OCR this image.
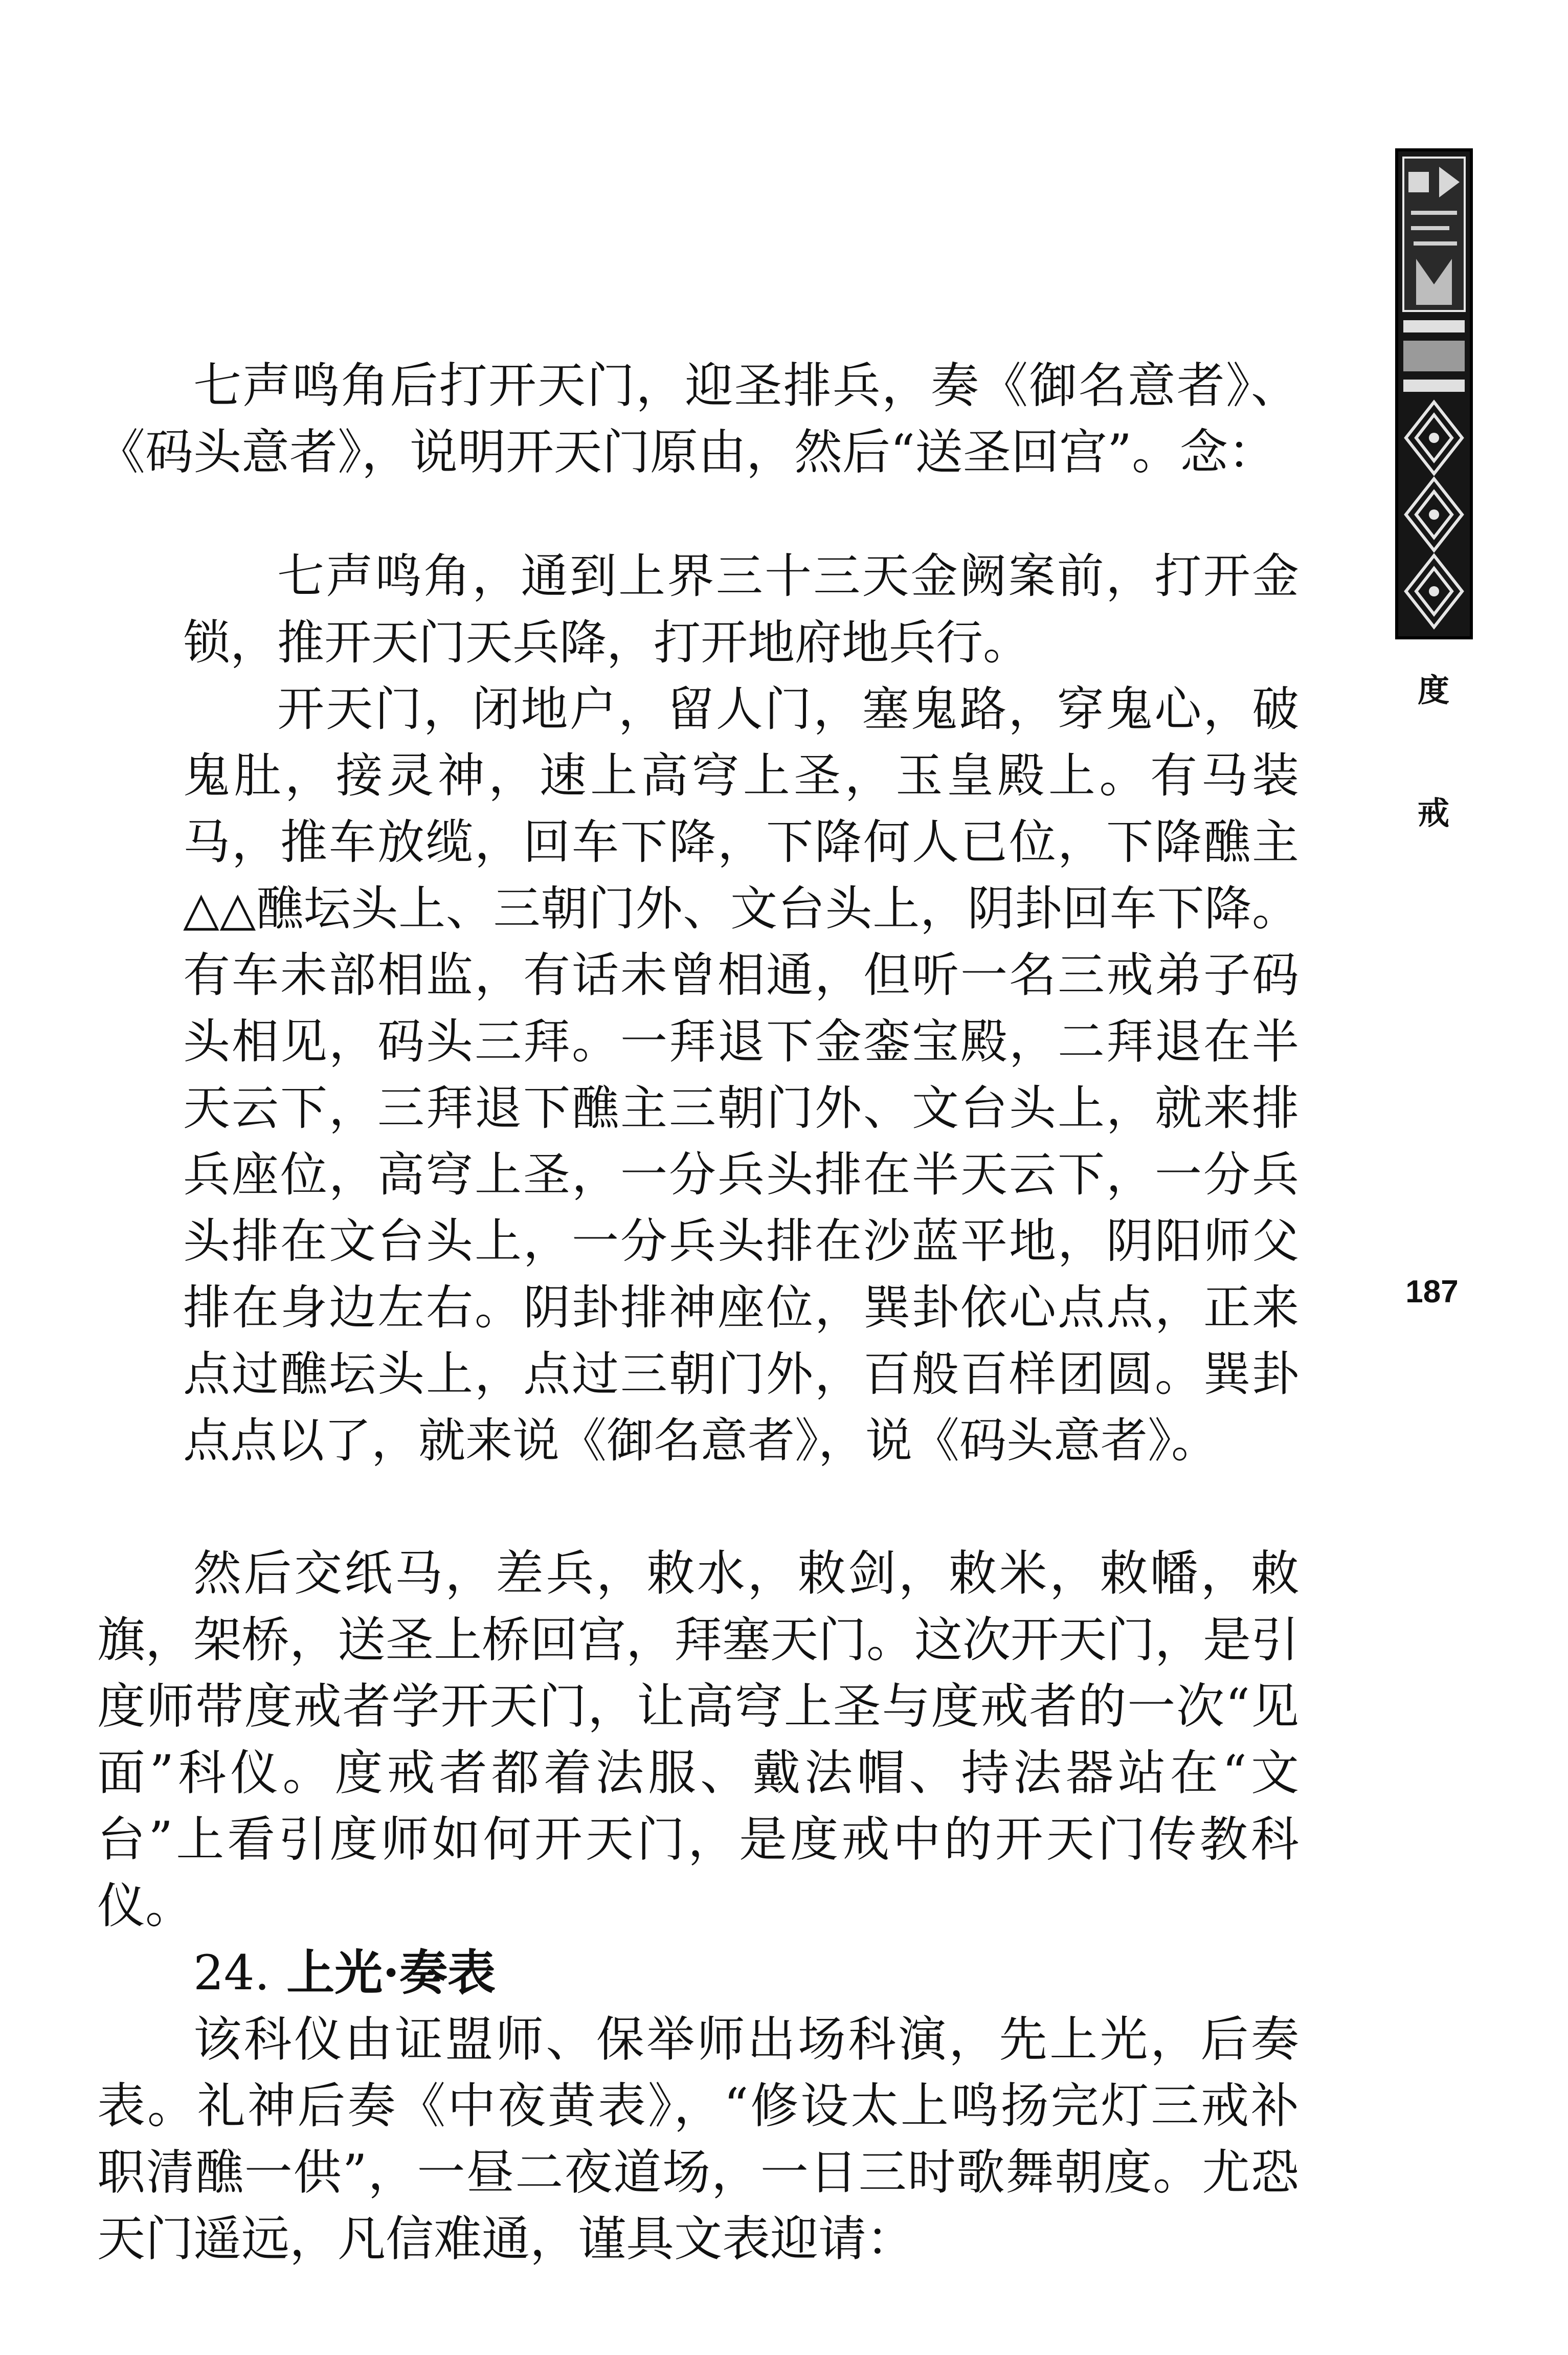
度
戒
187

七声鸣角后打开天门，迎圣排兵，奏《御名意者》、《码头意者》，说明开天门原由，然后“送圣回宫”。念：

七声鸣角，通到上界三十三天金阙案前，打开金锁，推开天门天兵降，打开地府地兵行。

开天门，闭地户，留人门，塞鬼路，穿鬼心，破鬼肚，接灵神，速上高穹上圣，玉皇殿上。有马装马，推车放缆，回车下降，下降何人已位，下降醮主△△醮坛头上、三朝门外、文台头上，阴卦回车下降。有车未部相监，有话未曾相通，但听一名三戒弟子码头相见，码头三拜。一拜退下金銮宝殿，二拜退在半天云下，三拜退下醮主三朝门外、文台头上，就来排兵座位，高穹上圣，一分兵头排在半天云下，一分兵头排在文台头上，一分兵头排在沙蓝平地，阴阳师父排在身边左右。阴卦排神座位，巽卦依心点点，正来点过醮坛头上，点过三朝门外，百般百样团圆。巽卦点点以了，就来说《御名意者》，说《码头意者》。

然后交纸马，差兵，敕水，敕剑，敕米，敕幡，敕旗，架桥，送圣上桥回宫，拜塞天门。这次开天门，是引度师带度戒者学开天门，让高穹上圣与度戒者的一次“见面”科仪。度戒者都着法服、戴法帽、持法器站在“文台”上看引度师如何开天门，是度戒中的开天门传教科仪。

24. 上光·奏表

该科仪由证盟师、保举师出场科演，先上光，后奏表。礼神后奏《中夜黄表》，“修设太上鸣扬完灯三戒补职清醮一供”，一昼二夜道场，一日三时歌舞朝度。尤恐天门遥远，凡信难通，谨具文表迎请：
